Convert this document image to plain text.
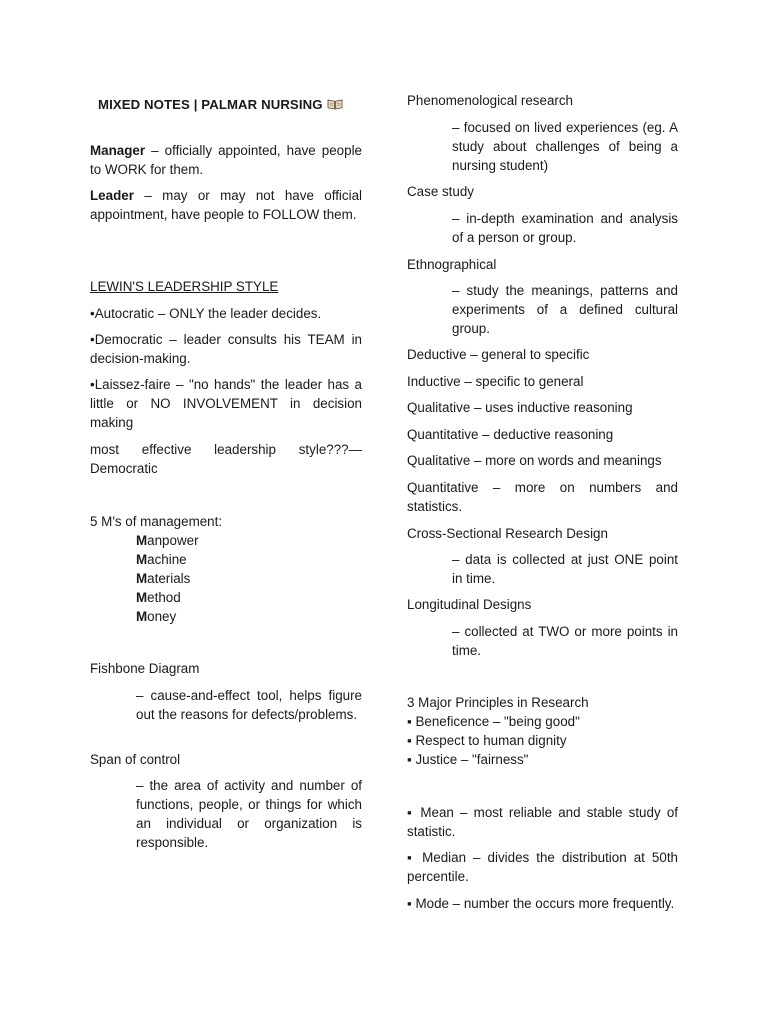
MIXED NOTES | PALMAR NURSING
Manager – officially appointed, have people to WORK for them.
Leader – may or may not have official appointment, have people to FOLLOW them.
LEWIN'S LEADERSHIP STYLE
•Autocratic – ONLY the leader decides.
•Democratic – leader consults his TEAM in decision-making.
•Laissez-faire – "no hands" the leader has a little or NO INVOLVEMENT in decision making
most effective leadership style???—
Democratic
5 M's of management:
Manpower
Machine
Materials
Method
Money
Fishbone Diagram
– cause-and-effect tool, helps figure out the reasons for defects/problems.
Span of control
– the area of activity and number of functions, people, or things for which an individual or organization is responsible.
Phenomenological research
– focused on lived experiences (eg. A study about challenges of being a nursing student)
Case study
– in-depth examination and analysis of a person or group.
Ethnographical
– study the meanings, patterns and experiments of a defined cultural group.
Deductive – general to specific
Inductive – specific to general
Qualitative – uses inductive reasoning
Quantitative – deductive reasoning
Qualitative – more on words and meanings
Quantitative – more on numbers and statistics.
Cross-Sectional Research Design
– data is collected at just ONE point in time.
Longitudinal Designs
– collected at TWO or more points in time.
3 Major Principles in Research
▪ Beneficence – "being good"
▪ Respect to human dignity
▪ Justice – "fairness"
▪ Mean – most reliable and stable study of statistic.
▪ Median – divides the distribution at 50th percentile.
▪ Mode – number the occurs more frequently.
